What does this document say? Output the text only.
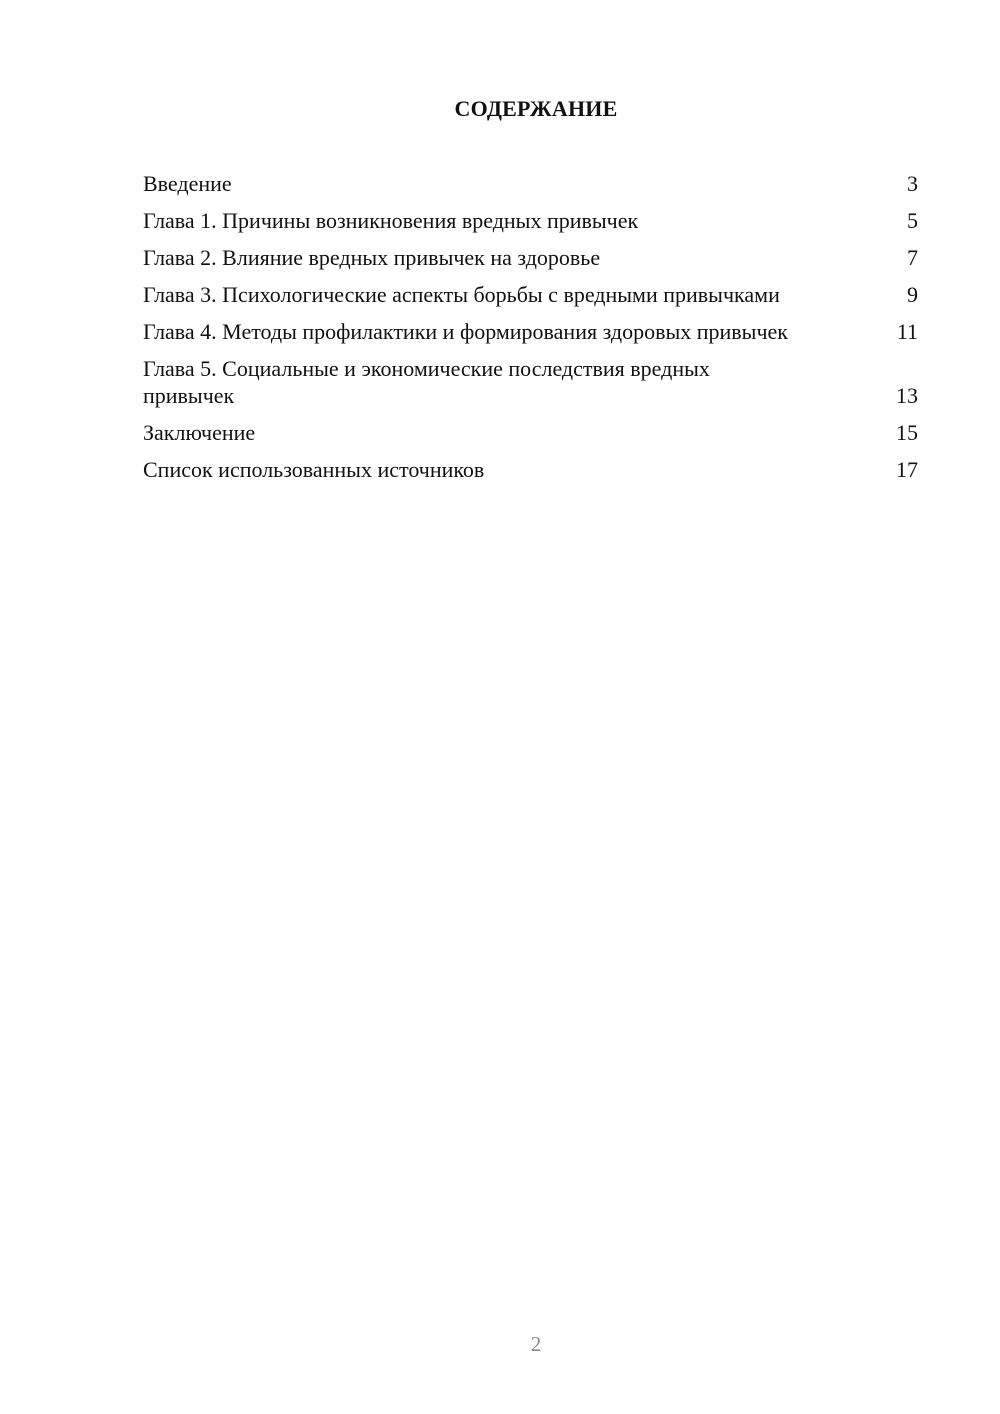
СОДЕРЖАНИЕ
Введение	3
Глава 1. Причины возникновения вредных привычек	5
Глава 2. Влияние вредных привычек на здоровье	7
Глава 3. Психологические аспекты борьбы с вредными привычками	9
Глава 4. Методы профилактики и формирования здоровых привычек	11
Глава 5. Социальные и экономические последствия вредных привычек	13
Заключение	15
Список использованных источников	17
2
